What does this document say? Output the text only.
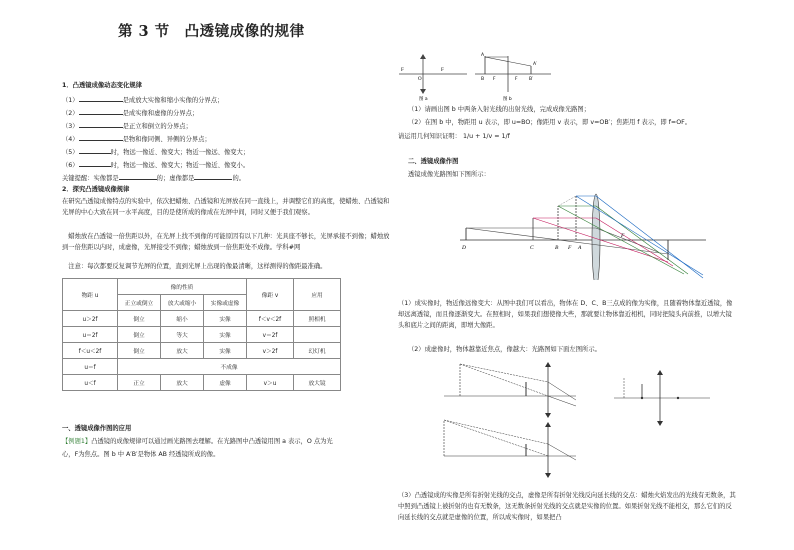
第 3 节　凸透镜成像的规律
1．凸透镜成像动态变化规律
（1）	是成放大实像和缩小实像的分界点；
（2）	是成实像和虚像的分界点；
（3）	是正立和倒立的分界点；
（4）	是物和像同侧、异侧的分界点；
（5）	时，物远一像近、像变大；物近一像远、像变大；
（6）	时，物远一像远、像变大；物近一像近、像变小。
关键提醒：实像都是	的；虚像都是	的。
2．探究凸透镜成像规律
在研究凸透镜成像特点的实验中，依次把蜡烛、凸透镜和光屏放在同一直线上，并调整它们的高度，使蜡烛、凸透镜和光屏的中心大致在同一水平高度，目的是使所成的像成在光屏中间，同时又便于我们观察。
　蜡烛放在凸透镜一倍焦距以外，在光屏上找不到像的可能原因有以下几种：光具座不够长，光屏承接不到像；蜡烛放到一倍焦距以内时，成虚像，光屏接受不到像；蜡烛放到一倍焦距处不成像。学科#网
　注意：每次都要反复调节光屏的位置，直到光屏上出现的像最清晰，这样测得的像距最准确。
物距 u	像的性质			像距 v	应用
	正立或倒立	放大或缩小	实像或虚像		
u＞2f	倒立	缩小	实像	f＜v＜2f	照相机
u＝2f	倒立	等大	实像	v＝2f	
f＜u＜2f	倒立	放大	实像	v＞2f	幻灯机
u＝f	不成像				
u＜f	正立	放大	虚像	v＞u	放大镜
一、透镜成像作图的应用
【例题1】凸透镜的成像规律可以通过画光路图去理解。在光路图中凸透镜用图 a 表示，O 点为光
心，F为焦点。图 b 中 A′B′是物体 AB 经透镜所成的像。
F
O
F
A
B F	F	B′
A′
图 a	图 b
（1）请画出图 b 中两条入射光线的出射光线，完成成像光路图；
（2）在图 b 中，物距用 u 表示，即 u=BO；像距用 v 表示，即 v=OB′；焦距用 f 表示，即 f=OF。
请运用几何知识证明： 1/u + 1/v = 1/f
二、透镜成像作图
透镜成像光路图如下图所示：
D	C	B F A
F
（1）成实像时，物近像远像变大：从图中我们可以看出，物体在 D、C、B三点成的像为实像，且随着物体靠近透镜，像却远离透镜，而且像逐渐变大。在照相时，如果我们想使像大些，那就要让物体靠近相机，同时把镜头向前推，以增大镜头和底片之间的距离，即增大像距。
（2）成虚像时，物体越靠近焦点，像越大：光路图如下面左图所示。
（3）凸透镜成的实像是所有折射光线的交点，虚像是所有折射光线反向延长线的交点：蜡烛火焰发出的光线有无数条，其中照到凸透镜上被折射的也有无数条，这无数条折射光线的交点就是实像的位置。如果折射光线不能相交，那么它们的反向延长线的交点就是虚像的位置，所以成实像时，如果把凸
